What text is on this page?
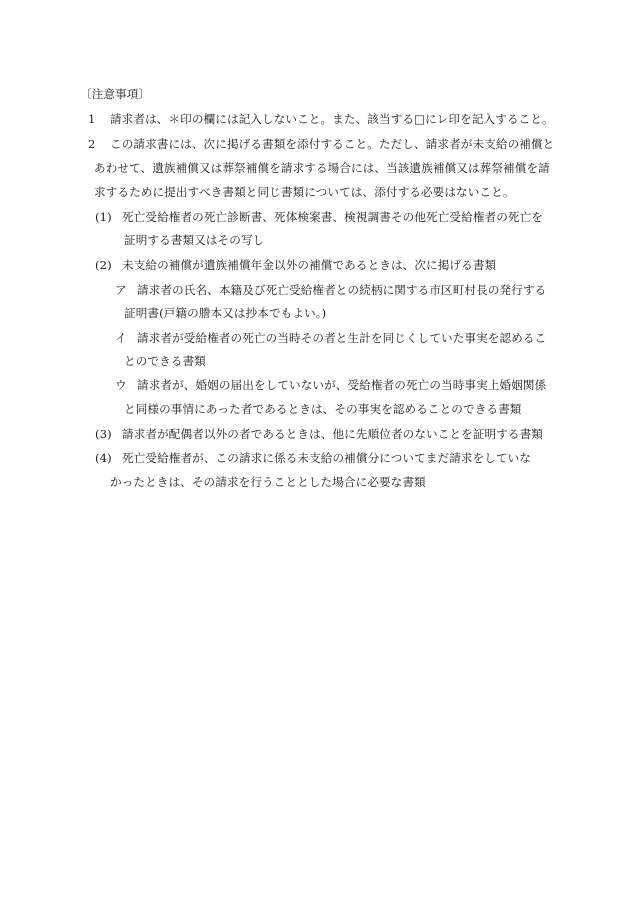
〔注意事項〕
1 請求者は、＊印の欄には記入しないこと。また、該当する□にレ印を記入すること。
2 この請求書には、次に掲げる書類を添付すること。ただし、請求者が未支給の補償と
あわせて、遺族補償又は葬祭補償を請求する場合には、当該遺族補償又は葬祭補償を請
求するために提出すべき書類と同じ書類については、添付する必要はないこと。
(1) 死亡受給権者の死亡診断書、死体検案書、検視調書その他死亡受給権者の死亡を
証明する書類又はその写し
(2) 未支給の補償が遺族補償年金以外の補償であるときは、次に掲げる書類
ア 請求者の氏名、本籍及び死亡受給権者との続柄に関する市区町村長の発行する
証明書(戸籍の謄本又は抄本でもよい。)
イ 請求者が受給権者の死亡の当時その者と生計を同じくしていた事実を認めるこ
とのできる書類
ウ 請求者が、婚姻の届出をしていないが、受給権者の死亡の当時事実上婚姻関係
と同様の事情にあった者であるときは、その事実を認めることのできる書類
(3) 請求者が配偶者以外の者であるときは、他に先順位者のないことを証明する書類
(4) 死亡受給権者が、この請求に係る未支給の補償分についてまだ請求をしていな
かったときは、その請求を行うこととした場合に必要な書類
